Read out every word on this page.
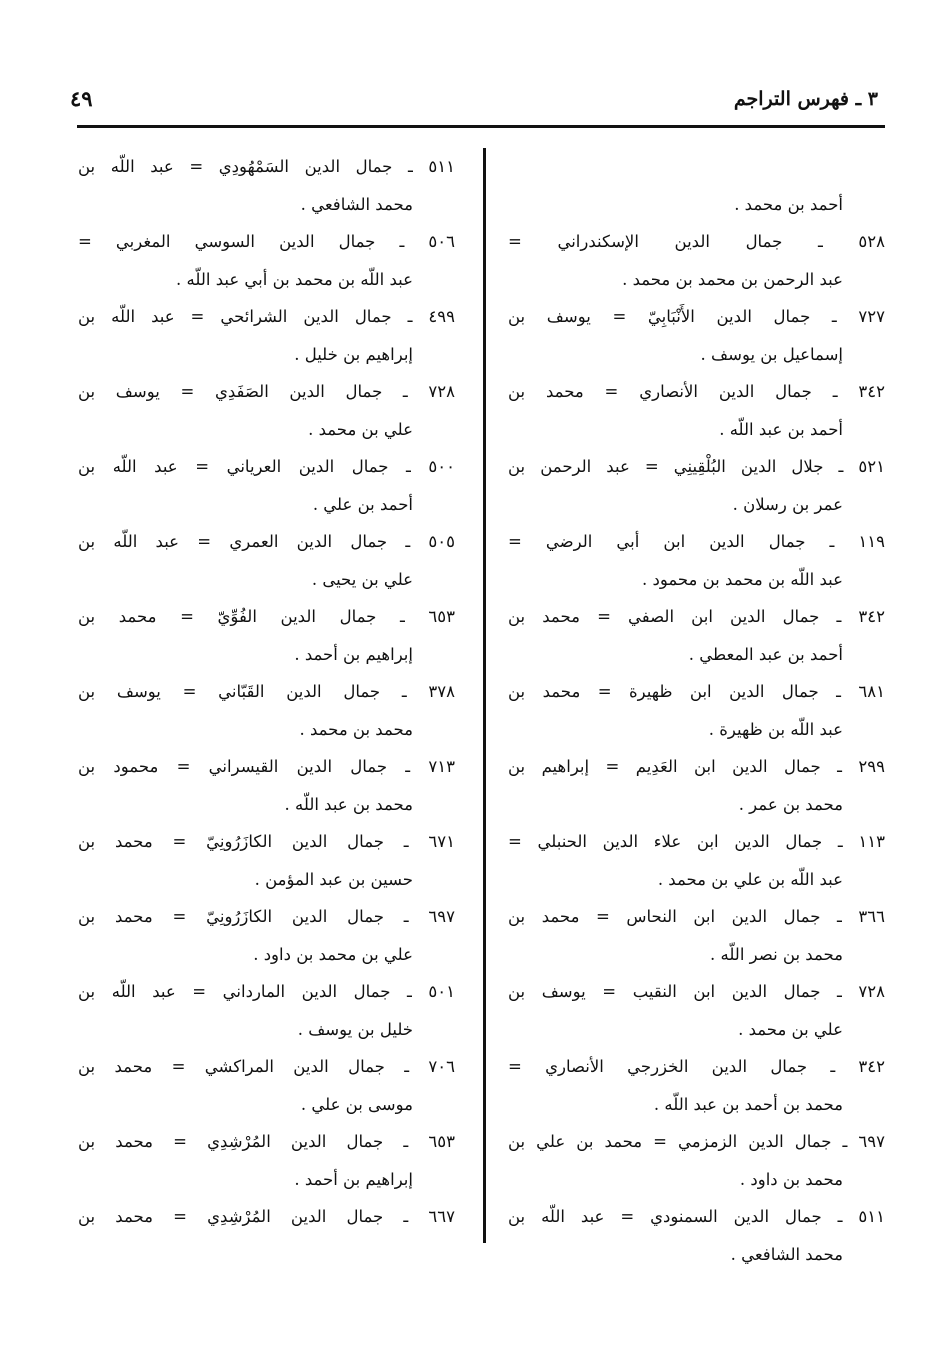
٣ ـ فهرس التراجم
٤٩
أحمد بن محمد .
٥٢٨ ـ جمال الدين الإسكندراني =
عبد الرحمن بن محمد بن محمد .
٧٢٧ ـ جمال الدين الأَنْبَابِيّ = يوسف بن
إسماعيل بن يوسف .
٣٤٢ ـ جمال الدين الأنصاري = محمد بن
أحمد بن عبد اللّه .
٥٢١ ـ جلال الدين البُلْقِينِي = عبد الرحمن بن
عمر بن رسلان .
١١٩ ـ جمال الدين ابن أبي الرضي =
عبد اللّه بن محمد بن محمود .
٣٤٢ ـ جمال الدين ابن الصفي = محمد بن
أحمد بن عبد المعطي .
٦٨١ ـ جمال الدين ابن ظهيرة = محمد بن
عبد اللّه بن ظهيرة .
٢٩٩ ـ جمال الدين ابن العَدِيم = إبراهيم بن
محمد بن عمر .
١١٣ ـ جمال الدين ابن علاء الدين الحنبلي =
عبد اللّه بن علي بن محمد .
٣٦٦ ـ جمال الدين ابن النحاس = محمد بن
محمد بن نصر اللّه .
٧٢٨ ـ جمال الدين ابن النقيب = يوسف بن
علي بن محمد .
٣٤٢ ـ جمال الدين الخزرجي الأنصاري =
محمد بن أحمد بن عبد اللّه .
٦٩٧ ـ جمال الدين الزمزمي = محمد بن علي بن
محمد بن داود .
٥١١ ـ جمال الدين السمنودي = عبد اللّه بن
محمد الشافعي .
٥١١ ـ جمال الدين السَمْهُودِي = عبد اللّه بن
محمد الشافعي .
٥٠٦ ـ جمال الدين السوسي المغربي =
عبد اللّه بن محمد بن أبي عبد اللّه .
٤٩٩ ـ جمال الدين الشرائحي = عبد اللّه بن
إبراهيم بن خليل .
٧٢٨ ـ جمال الدين الصَفَدِي = يوسف بن
علي بن محمد .
٥٠٠ ـ جمال الدين العرياني = عبد اللّه بن
أحمد بن علي .
٥٠٥ ـ جمال الدين العمري = عبد اللّه بن
علي بن يحيى .
٦٥٣ ـ جمال الدين الفُوِّيّ = محمد بن
إبراهيم بن أحمد .
٣٧٨ ـ جمال الدين القَبّاني = يوسف بن
محمد بن محمد .
٧١٣ ـ جمال الدين القيسراني = محمود بن
محمد بن عبد اللّه .
٦٧١ ـ جمال الدين الكازَرُونِيّ = محمد بن
حسين بن عبد المؤمن .
٦٩٧ ـ جمال الدين الكازَرُونِيّ = محمد بن
علي بن محمد بن داود .
٥٠١ ـ جمال الدين المارداني = عبد اللّه بن
خليل بن يوسف .
٧٠٦ ـ جمال الدين المراكشي = محمد بن
موسى بن علي .
٦٥٣ ـ جمال الدين المُرْشِدِي = محمد بن
إبراهيم بن أحمد .
٦٦٧ ـ جمال الدين المُرْشِدِي = محمد بن
